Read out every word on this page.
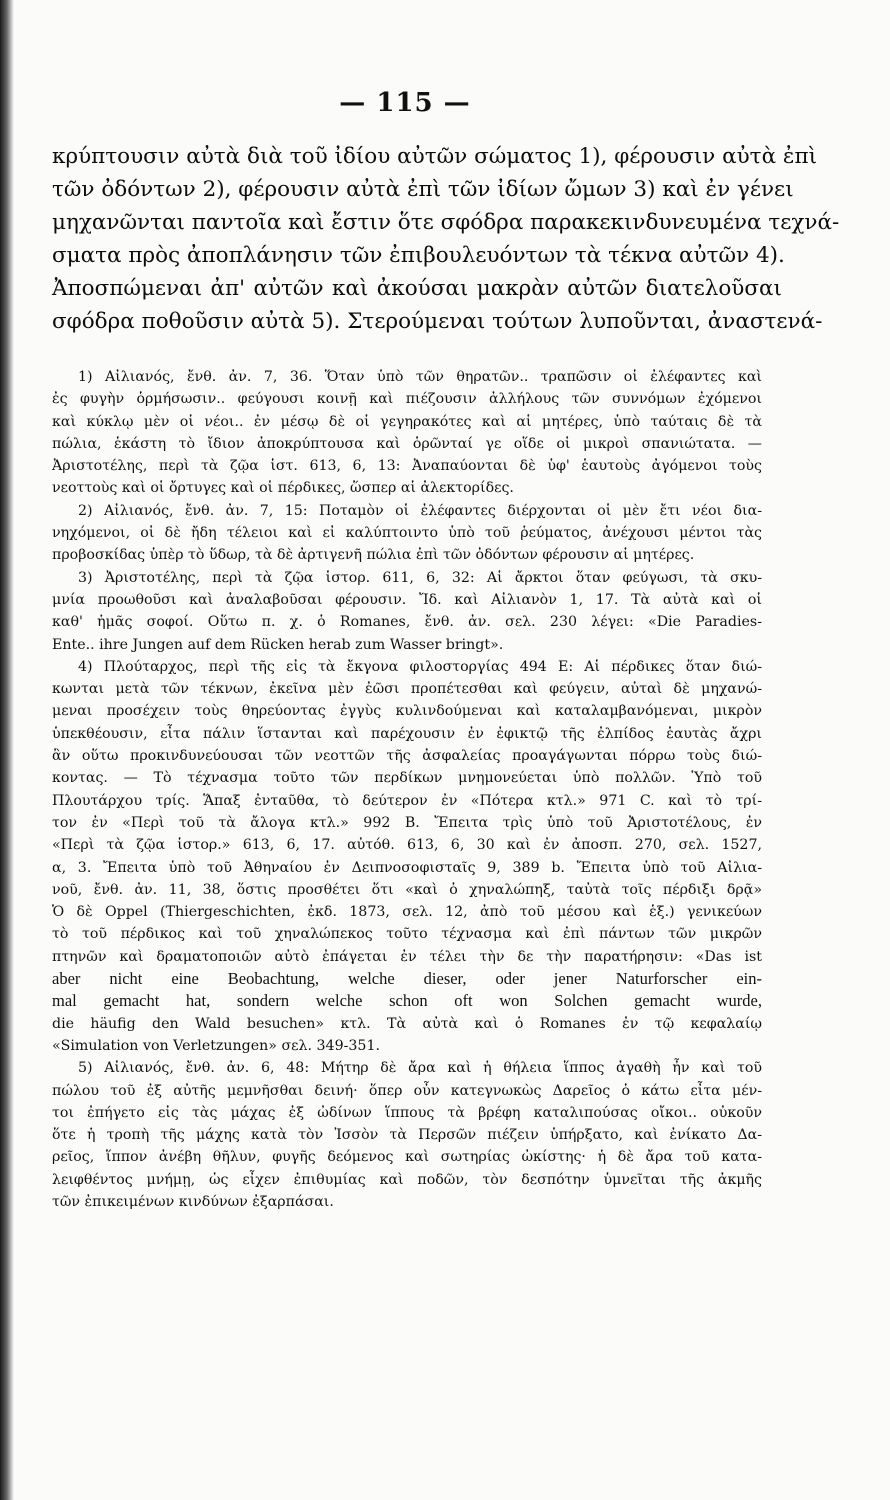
— 115 —
κρύπτουσιν αὐτὰ διὰ τοῦ ἰδίου αὐτῶν σώματος 1), φέρουσιν αὐτὰ ἐπὶ
τῶν ὀδόντων 2), φέρουσιν αὐτὰ ἐπὶ τῶν ἰδίων ὤμων 3) καὶ ἐν γένει
μηχανῶνται παντοῖα καὶ ἔστιν ὅτε σφόδρα παρακεκινδυνευμένα τεχνά-
σματα πρὸς ἀποπλάνησιν τῶν ἐπιβουλευόντων τὰ τέκνα αὐτῶν 4).
Ἀποσπώμεναι ἀπ' αὐτῶν καὶ ἀκούσαι μακρὰν αὐτῶν διατελοῦσαι
σφόδρα ποθοῦσιν αὐτὰ 5). Στερούμεναι τούτων λυποῦνται, ἀναστενά-
1) Αἰλιανός, ἔνθ. ἀν. 7, 36. Ὅταν ὑπὸ τῶν θηρατῶν.. τραπῶσιν οἱ ἐλέφαντες καὶ
ἐς φυγὴν ὁρμήσωσιν.. φεύγουσι κοινῇ καὶ πιέζουσιν ἀλλήλους τῶν συννόμων ἐχόμενοι
καὶ κύκλῳ μὲν οἱ νέοι.. ἐν μέσῳ δὲ οἱ γεγηρακότες καὶ αἱ μητέρες, ὑπὸ ταύταις δὲ τὰ
πώλια, ἑκάστη τὸ ἴδιον ἀποκρύπτουσα καὶ ὁρῶνταί γε οἵδε οἱ μικροὶ σπανιώτατα. —
Ἀριστοτέλης, περὶ τὰ ζῷα ἱστ. 613, 6, 13: Ἀναπαύονται δὲ ὑφ' ἑαυτοὺς ἀγόμενοι τοὺς
νεοττοὺς καὶ οἱ ὄρτυγες καὶ οἱ πέρδικες, ὥσπερ αἱ ἀλεκτορίδες.
2) Αἰλιανός, ἔνθ. ἀν. 7, 15: Ποταμὸν οἱ ἐλέφαντες διέρχονται οἱ μὲν ἔτι νέοι δια-
νηχόμενοι, οἱ δὲ ἤδη τέλειοι καὶ εἰ καλύπτοιντο ὑπὸ τοῦ ῥεύματος, ἀνέχουσι μέντοι τὰς
προβοσκίδας ὑπὲρ τὸ ὕδωρ, τὰ δὲ ἀρτιγενῆ πώλια ἐπὶ τῶν ὀδόντων φέρουσιν αἱ μητέρες.
3) Ἀριστοτέλης, περὶ τὰ ζῷα ἱστορ. 611, 6, 32: Αἱ ἄρκτοι ὅταν φεύγωσι, τὰ σκυ-
μνία προωθοῦσι καὶ ἀναλαβοῦσαι φέρουσιν. Ἴδ. καὶ Αἰλιανὸν 1, 17. Τὰ αὐτὰ καὶ οἱ
καθ' ἡμᾶς σοφοί. Οὕτω π. χ. ὁ Romanes, ἔνθ. ἀν. σελ. 230 λέγει: «Die Paradies-
Ente.. ihre Jungen auf dem Rücken herab zum Wasser bringt».
4) Πλούταρχος, περὶ τῆς εἰς τὰ ἔκγονα φιλοστοργίας 494 E: Αἱ πέρδικες ὅταν διώ-
κωνται μετὰ τῶν τέκνων, ἐκεῖνα μὲν ἐῶσι προπέτεσθαι καὶ φεύγειν, αὐταὶ δὲ μηχανώ-
μεναι προσέχειν τοὺς θηρεύοντας ἐγγὺς κυλινδούμεναι καὶ καταλαμβανόμεναι, μικρὸν
ὑπεκθέουσιν, εἶτα πάλιν ἵστανται καὶ παρέχουσιν ἐν ἐφικτῷ τῆς ἐλπίδος ἑαυτὰς ἄχρι
ἂν οὕτω προκινδυνεύουσαι τῶν νεοττῶν τῆς ἀσφαλείας προαγάγωνται πόρρω τοὺς διώ-
κοντας. — Τὸ τέχνασμα τοῦτο τῶν περδίκων μνημονεύεται ὑπὸ πολλῶν. Ὑπὸ τοῦ
Πλουτάρχου τρίς. Ἅπαξ ἐνταῦθα, τὸ δεύτερον ἐν «Πότερα κτλ.» 971 C. καὶ τὸ τρί-
τον ἐν «Περὶ τοῦ τὰ ἄλογα κτλ.» 992 B. Ἔπειτα τρὶς ὑπὸ τοῦ Ἀριστοτέλους, ἐν
«Περὶ τὰ ζῷα ἱστορ.» 613, 6, 17. αὐτόθ. 613, 6, 30 καὶ ἐν ἀποσπ. 270, σελ. 1527,
α, 3. Ἔπειτα ὑπὸ τοῦ Ἀθηναίου ἐν Δειπνοσοφισταῖς 9, 389 b. Ἔπειτα ὑπὸ τοῦ Αἰλια-
νοῦ, ἔνθ. ἀν. 11, 38, ὅστις προσθέτει ὅτι «καὶ ὁ χηναλώπηξ, ταὐτὰ τοῖς πέρδιξι δρᾷ»
Ὁ δὲ Oppel (Thiergeschichten, ἐκδ. 1873, σελ. 12, ἀπὸ τοῦ μέσου καὶ ἑξ.) γενικεύων
τὸ τοῦ πέρδικος καὶ τοῦ χηναλώπεκος τοῦτο τέχνασμα καὶ ἐπὶ πάντων τῶν μικρῶν
πτηνῶν καὶ δραματοποιῶν αὐτὸ ἐπάγεται ἐν τέλει τὴν δε τὴν παρατήρησιν: «Das ist
aber nicht eine Beobachtung, welche dieser, oder jener Naturforscher ein-
mal gemacht hat, sondern welche schon oft won Solchen gemacht wurde,
die häufig den Wald besuchen» κτλ. Τὰ αὐτὰ καὶ ὁ Romanes ἐν τῷ κεφαλαίῳ
«Simulation von Verletzungen» σελ. 349-351.
5) Αἰλιανός, ἔνθ. ἀν. 6, 48: Μήτηρ δὲ ἄρα καὶ ἡ θήλεια ἵππος ἀγαθὴ ἦν καὶ τοῦ
πώλου τοῦ ἐξ αὐτῆς μεμνῆσθαι δεινή· ὅπερ οὖν κατεγνωκὼς Δαρεῖος ὁ κάτω εἶτα μέν-
τοι ἐπήγετο εἰς τὰς μάχας ἐξ ὠδίνων ἵππους τὰ βρέφη καταλιπούσας οἴκοι.. οὐκοῦν
ὅτε ἡ τροπὴ τῆς μάχης κατὰ τὸν Ἰσσὸν τὰ Περσῶν πιέζειν ὑπήρξατο, καὶ ἐνίκατο Δα-
ρεῖος, ἵππον ἀνέβη θῆλυν, φυγῆς δεόμενος καὶ σωτηρίας ὠκίστης· ἡ δὲ ἄρα τοῦ κατα-
λειφθέντος μνήμῃ, ὡς εἶχεν ἐπιθυμίας καὶ ποδῶν, τὸν δεσπότην ὑμνεῖται τῆς ἀκμῆς
τῶν ἐπικειμένων κινδύνων ἐξαρπάσαι.
